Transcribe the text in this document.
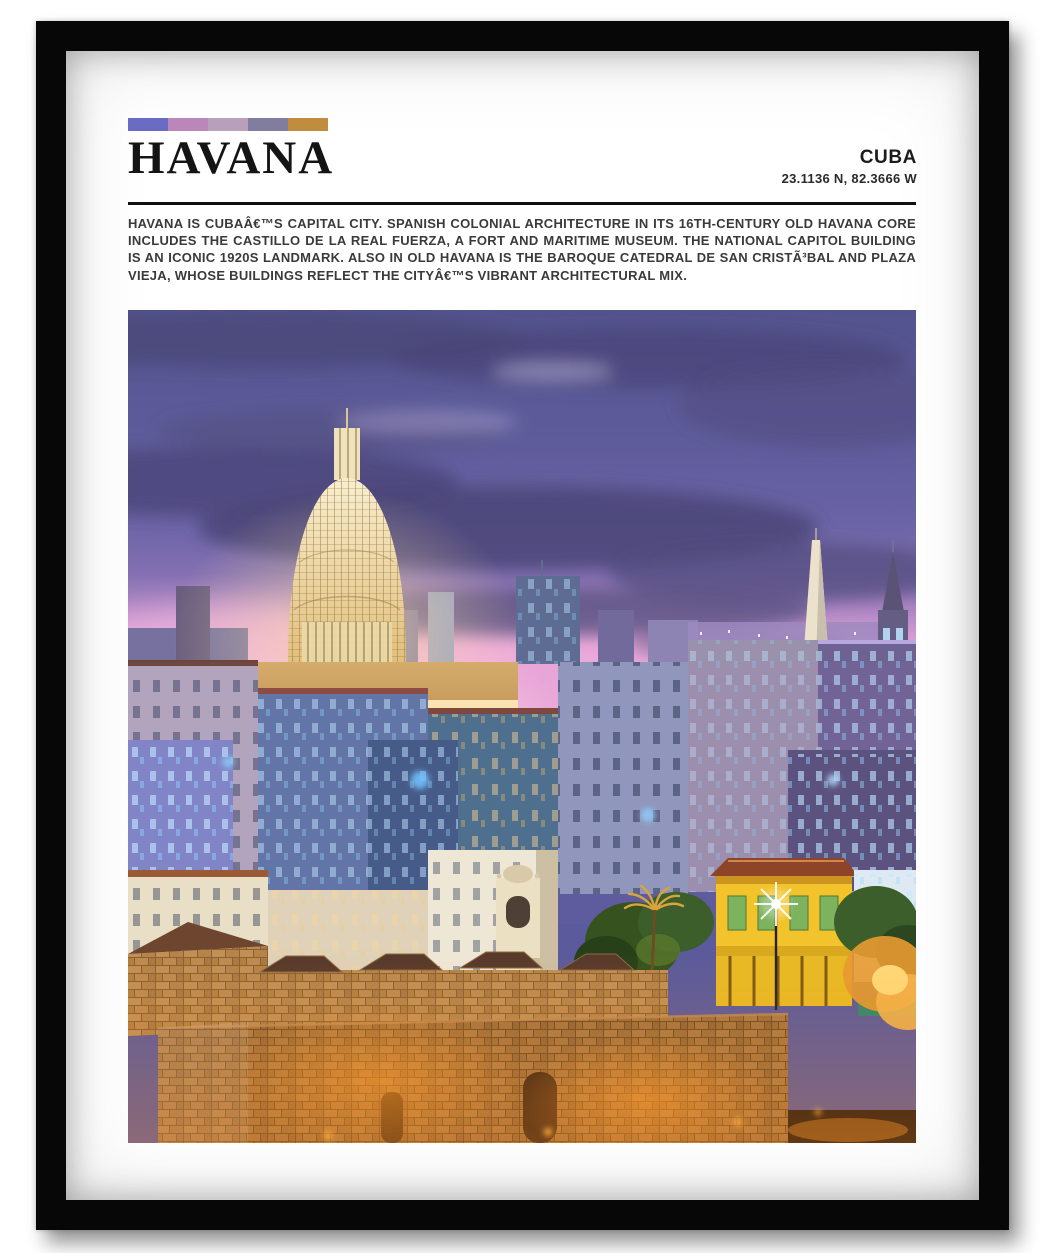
HAVANA	CUBA
23.1136 N, 82.3666 W
HAVANA IS CUBAÂ€™S CAPITAL CITY. SPANISH COLONIAL ARCHITECTURE IN ITS 16TH-CENTURY OLD HAVANA CORE INCLUDES THE CASTILLO DE LA REAL FUERZA, A FORT AND MARITIME MUSEUM. THE NATIONAL CAPITOL BUILDING IS AN ICONIC 1920S LANDMARK. ALSO IN OLD HAVANA IS THE BAROQUE CATEDRAL DE SAN CRISTÃ³BAL AND PLAZA VIEJA, WHOSE BUILDINGS REFLECT THE CITYÂ€™S VIBRANT ARCHITECTURAL MIX.
